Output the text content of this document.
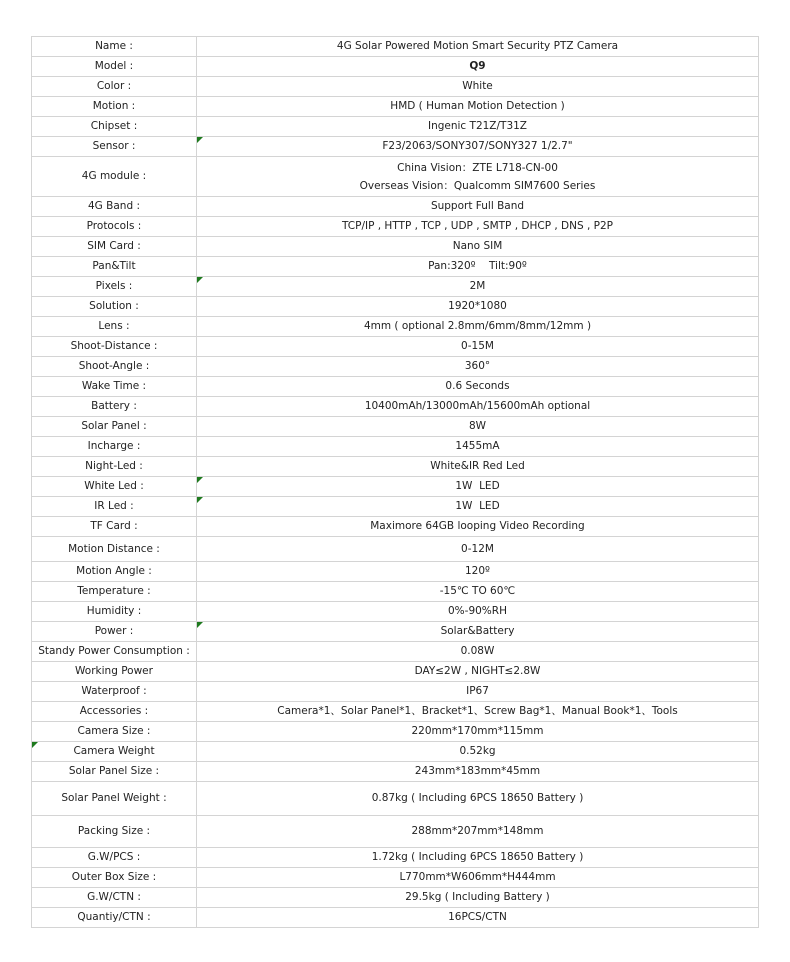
Name :	4G Solar Powered Motion Smart Security PTZ Camera
Model :	Q9
Color :	White
Motion :	HMD ( Human Motion Detection )
Chipset :	Ingenic T21Z/T31Z
Sensor :	F23/2063/SONY307/SONY327 1/2.7"
4G module :	China Vision：ZTE L718-CN-00
Overseas Vision：Qualcomm SIM7600 Series

4G Band :	Support Full Band
Protocols :	TCP/IP , HTTP , TCP , UDP , SMTP , DHCP , DNS , P2P
SIM Card :	Nano SIM
Pan&Tilt	Pan:320º    Tilt:90º
Pixels :	2M
Solution :	1920*1080
Lens :	4mm ( optional 2.8mm/6mm/8mm/12mm )
Shoot-Distance :	0-15M
Shoot-Angle :	360°
Wake Time :	0.6 Seconds
Battery :	10400mAh/13000mAh/15600mAh optional
Solar Panel :	8W
Incharge :	1455mA
Night-Led :	White&IR Red Led
White Led :	1W  LED
IR Led :	1W  LED
TF Card :	Maximore 64GB looping Video Recording
Motion Distance :	0-12M
Motion Angle :	120º
Temperature :	-15℃ TO 60℃
Humidity :	0%-90%RH
Power :	Solar&Battery
Standy Power Consumption :	0.08W
Working Power	DAY≤2W , NIGHT≤2.8W
Waterproof :	IP67
Accessories :	Camera*1、Solar Panel*1、Bracket*1、Screw Bag*1、Manual Book*1、Tools
Camera Size :	220mm*170mm*115mm

Camera Weight	0.52kg
Solar Panel Size :	243mm*183mm*45mm
Solar Panel Weight :	0.87kg ( Including 6PCS 18650 Battery )
Packing Size :	288mm*207mm*148mm
G.W/PCS :	1.72kg ( Including 6PCS 18650 Battery )
Outer Box Size :	L770mm*W606mm*H444mm
G.W/CTN :	29.5kg ( Including Battery )
Quantiy/CTN :	16PCS/CTN
